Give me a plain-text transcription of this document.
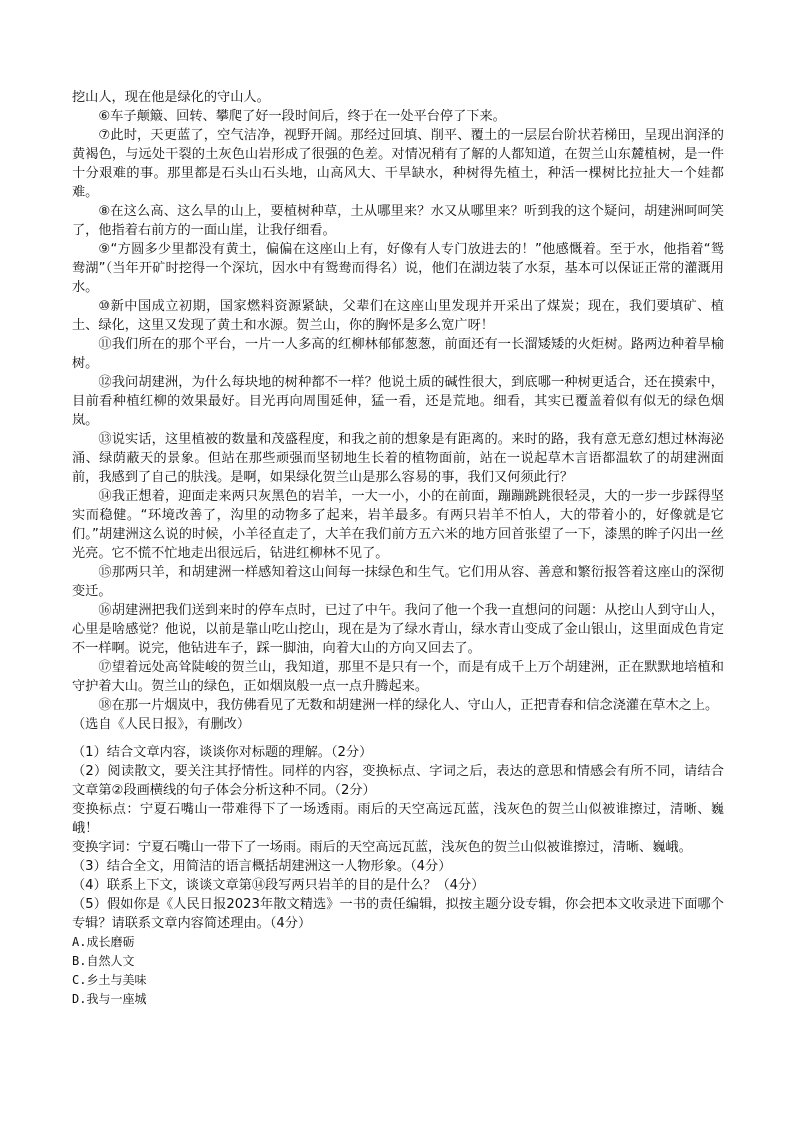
挖山人，现在他是绿化的守山人。

⑥车子颠簸、回转、攀爬了好一段时间后，终于在一处平台停了下来。

⑦此时，天更蓝了，空气洁净，视野开阔。那经过回填、削平、覆土的一层层台阶状若梯田，呈现出润泽的黄褐色，与远处干裂的土灰色山岩形成了很强的色差。对情况稍有了解的人都知道，在贺兰山东麓植树，是一件十分艰难的事。那里都是石头山石头地，山高风大、干旱缺水，种树得先植土，种活一棵树比拉扯大一个娃都难。

⑧在这么高、这么旱的山上，要植树种草，土从哪里来？水又从哪里来？听到我的这个疑问，胡建洲呵呵笑了，他指着右前方的一面山崖，让我仔细看。

⑨“方圆多少里都没有黄土，偏偏在这座山上有，好像有人专门放进去的！”他感慨着。至于水，他指着“鸳鸯湖”（当年开矿时挖得一个深坑，因水中有鸳鸯而得名）说，他们在湖边装了水泵，基本可以保证正常的灌溉用水。

⑩新中国成立初期，国家燃料资源紧缺，父辈们在这座山里发现并开采出了煤炭；现在，我们要填矿、植土、绿化，这里又发现了黄土和水源。贺兰山，你的胸怀是多么宽广呀！

⑪我们所在的那个平台，一片一人多高的红柳林郁郁葱葱，前面还有一长溜矮矮的火炬树。路两边种着旱榆树。

⑫我问胡建洲，为什么每块地的树种都不一样？他说土质的碱性很大，到底哪一种树更适合，还在摸索中，目前看种植红柳的效果最好。目光再向周围延伸，猛一看，还是荒地。细看，其实已覆盖着似有似无的绿色烟岚。

⑬说实话，这里植被的数量和茂盛程度，和我之前的想象是有距离的。来时的路，我有意无意幻想过林海泌涌、绿荫蔽天的景象。但站在那些顽强而坚韧地生长着的植物面前，站在一说起草木言语都温软了的胡建洲面前，我感到了自己的肤浅。是啊，如果绿化贺兰山是那么容易的事，我们又何须此行？

⑭我正想着，迎面走来两只灰黑色的岩羊，一大一小，小的在前面，蹦蹦跳跳很轻灵，大的一步一步踩得坚实而稳健。“环境改善了，沟里的动物多了起来，岩羊最多。有两只岩羊不怕人，大的带着小的，好像就是它们。”胡建洲这么说的时候，小羊径直走了，大羊在我们前方五六米的地方回首张望了一下，漆黑的眸子闪出一丝光亮。它不慌不忙地走出很远后，钻进红柳林不见了。

⑮那两只羊，和胡建洲一样感知着这山间每一抹绿色和生气。它们用从容、善意和繁衍报答着这座山的深彻变迁。

⑯胡建洲把我们送到来时的停车点时，已过了中午。我问了他一个我一直想问的问题：从挖山人到守山人，心里是啥感觉？他说，以前是靠山吃山挖山，现在是为了绿水青山，绿水青山变成了金山银山，这里面成色肯定不一样啊。说完，他钻进车子，踩一脚油，向着大山的方向又回去了。

⑰望着远处高耸陡峻的贺兰山，我知道，那里不是只有一个，而是有成千上万个胡建洲，正在默默地培植和守护着大山。贺兰山的绿色，正如烟岚般一点一点升腾起来。

⑱在那一片烟岚中，我仿佛看见了无数和胡建洲一样的绿化人、守山人，正把青春和信念浇灌在草木之上。

（选自《人民日报》，有删改）

（1）结合文章内容，谈谈你对标题的理解。（2分）

（2）阅读散文，要关注其抒情性。同样的内容，变换标点、字词之后，表达的意思和情感会有所不同，请结合文章第②段画横线的句子体会分析这种不同。（2分）

变换标点：宁夏石嘴山一带难得下了一场透雨。雨后的天空高远瓦蓝，浅灰色的贺兰山似被谁擦过，清晰、巍峨！

变换字词：宁夏石嘴山一带下了一场雨。雨后的天空高远瓦蓝，浅灰色的贺兰山似被谁擦过，清晰、巍峨。

（3）结合全文，用简洁的语言概括胡建洲这一人物形象。（4分）

（4）联系上下文，谈谈文章第⑭段写两只岩羊的目的是什么？（4分）

（5）假如你是《人民日报2023年散文精选》一书的责任编辑，拟按主题分设专辑，你会把本文收录进下面哪个专辑？请联系文章内容简述理由。（4分）

A.成长磨砺

B.自然人文

C.乡土与美味

D.我与一座城
